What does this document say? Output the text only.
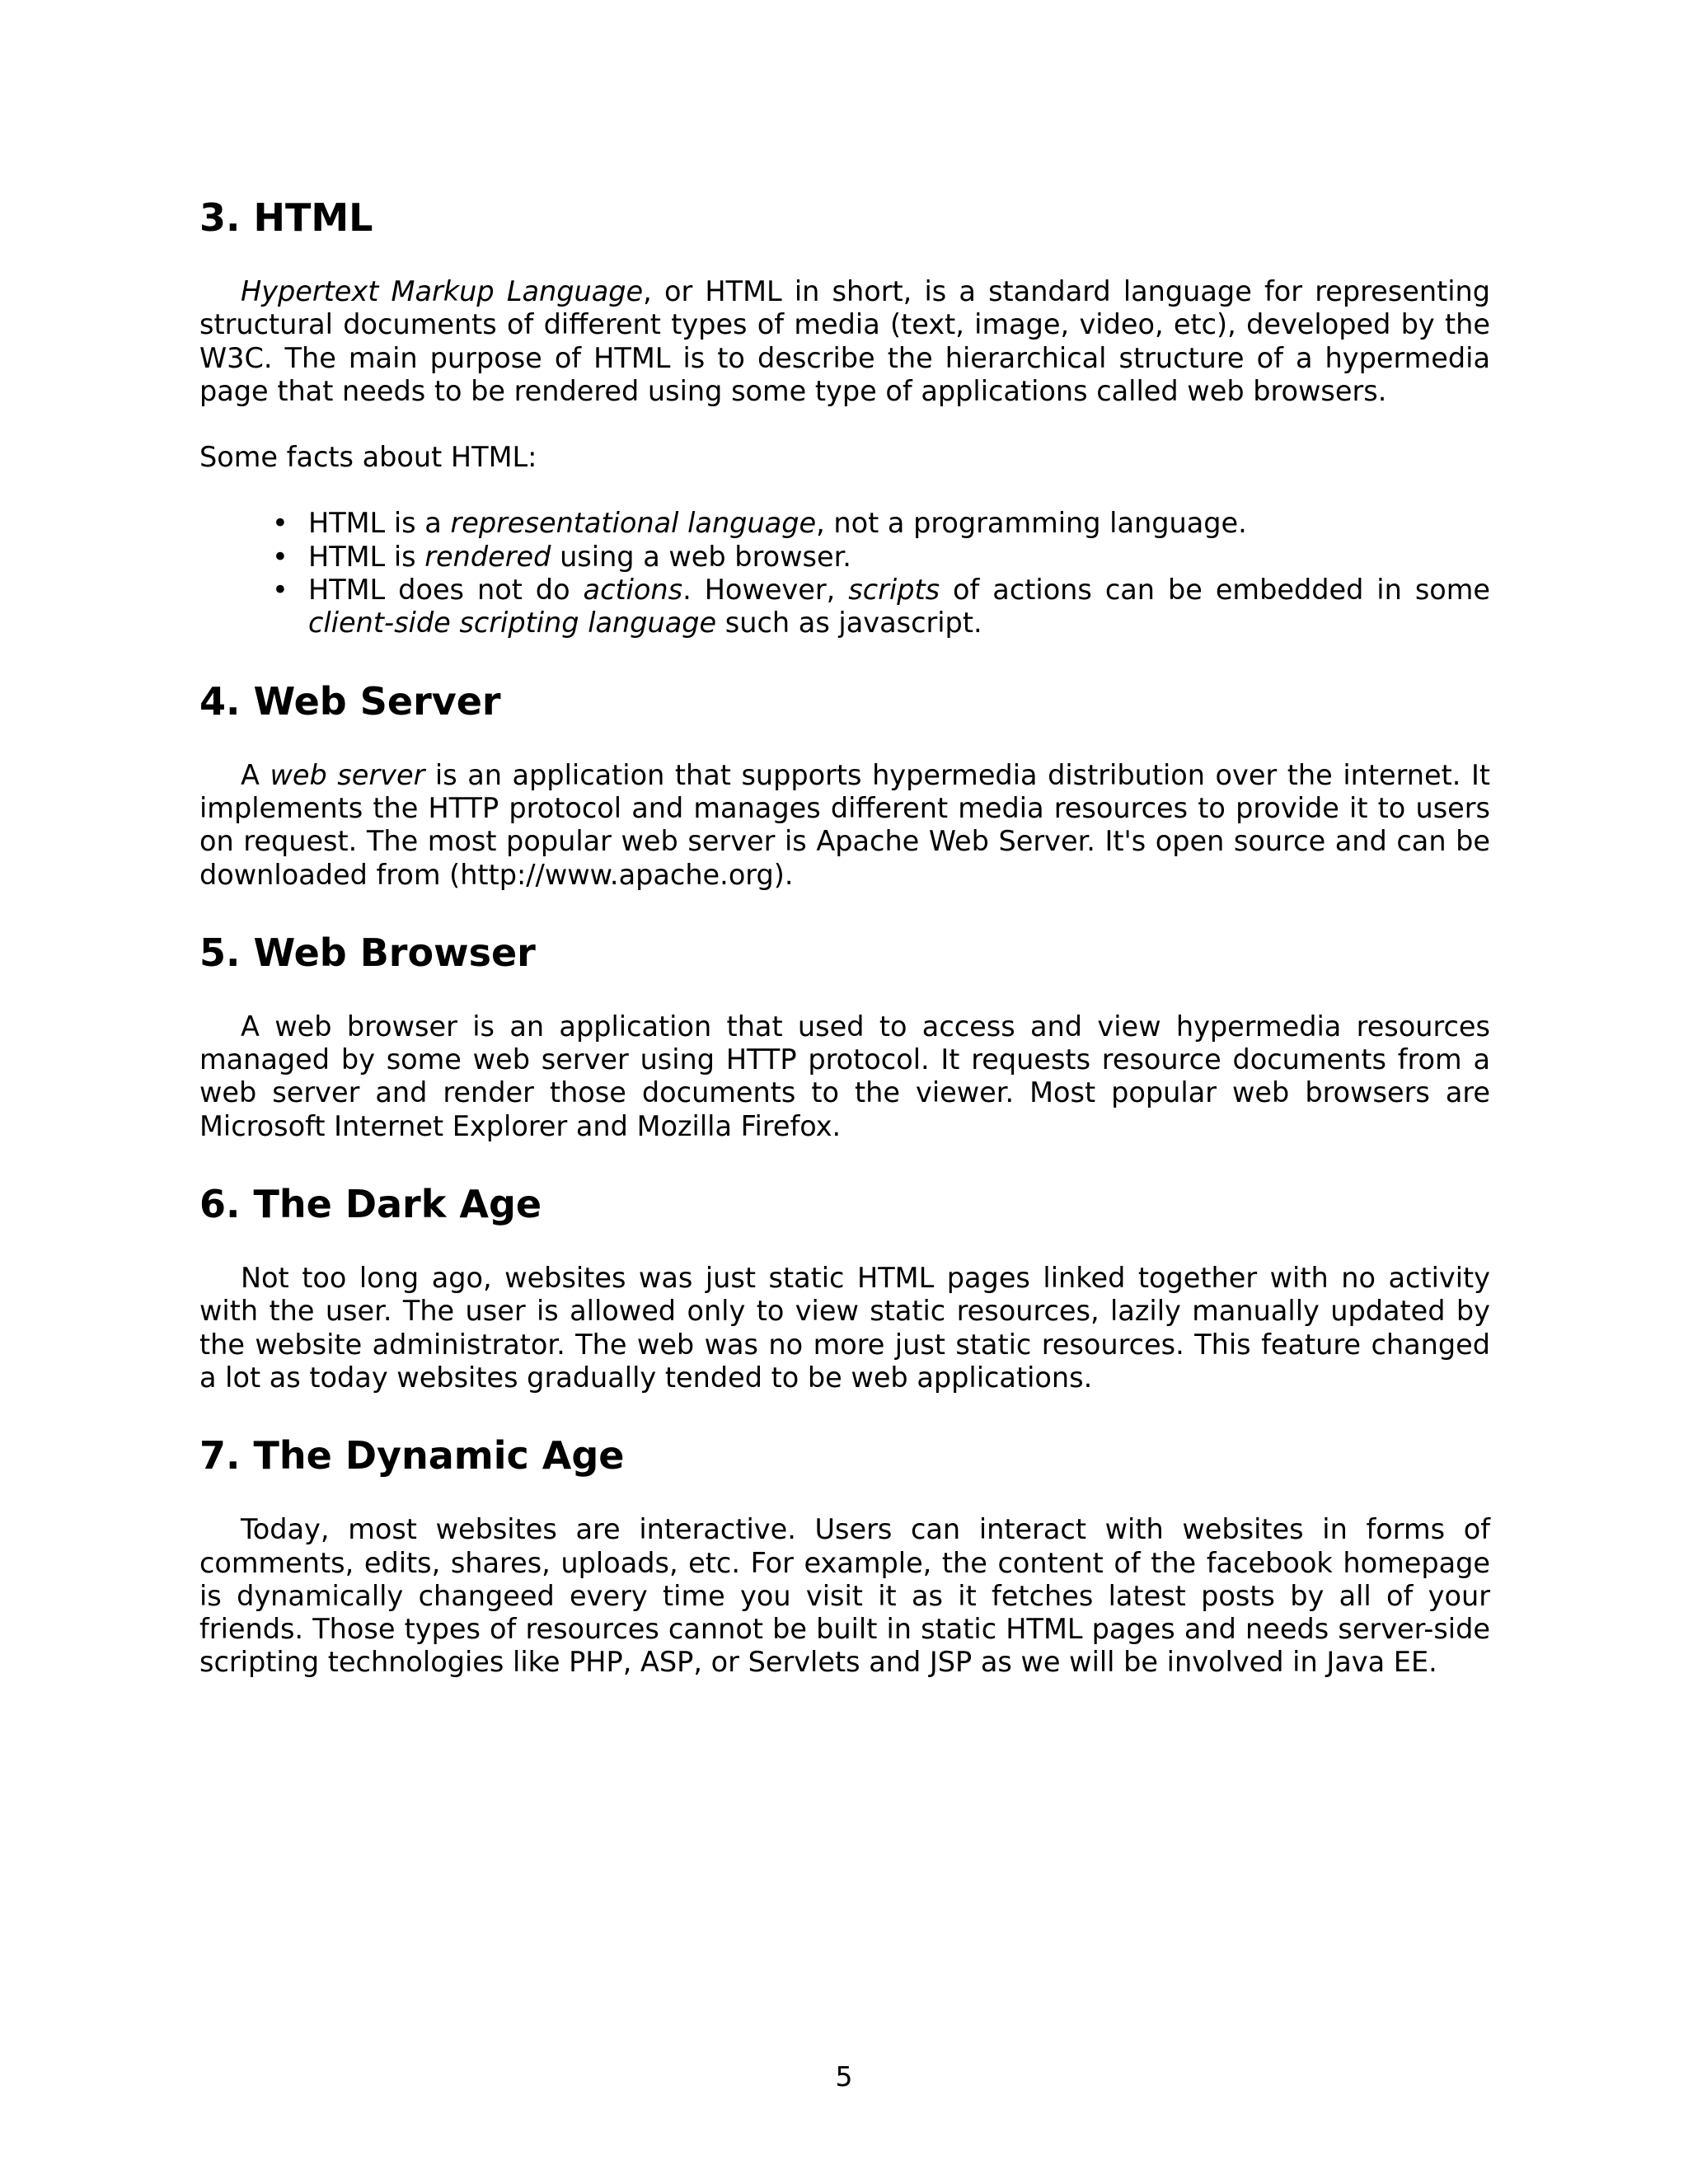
3. HTML

Hypertext Markup Language, or HTML in short, is a standard language for representing structural documents of different types of media (text, image, video, etc), developed by the W3C. The main purpose of HTML is to describe the hierarchical structure of a hypermedia page that needs to be rendered using some type of applications called web browsers.

Some facts about HTML:

• HTML is a representational language, not a programming language.
• HTML is rendered using a web browser.
• HTML does not do actions. However, scripts of actions can be embedded in some client-side scripting language such as javascript.
4. Web Server

A web server is an application that supports hypermedia distribution over the internet. It implements the HTTP protocol and manages different media resources to provide it to users on request. The most popular web server is Apache Web Server. It's open source and can be downloaded from (http://www.apache.org).

5. Web Browser

A web browser is an application that used to access and view hypermedia resources managed by some web server using HTTP protocol. It requests resource documents from a web server and render those documents to the viewer. Most popular web browsers are Microsoft Internet Explorer and Mozilla Firefox.

6. The Dark Age

Not too long ago, websites was just static HTML pages linked together with no activity with the user. The user is allowed only to view static resources, lazily manually updated by the website administrator. The web was no more just static resources. This feature changed a lot as today websites gradually tended to be web applications.

7. The Dynamic Age

Today, most websites are interactive. Users can interact with websites in forms of comments, edits, shares, uploads, etc. For example, the content of the facebook homepage is dynamically changeed every time you visit it as it fetches latest posts by all of your friends. Those types of resources cannot be built in static HTML pages and needs server-side scripting technologies like PHP, ASP, or Servlets and JSP as we will be involved in Java EE.

5
